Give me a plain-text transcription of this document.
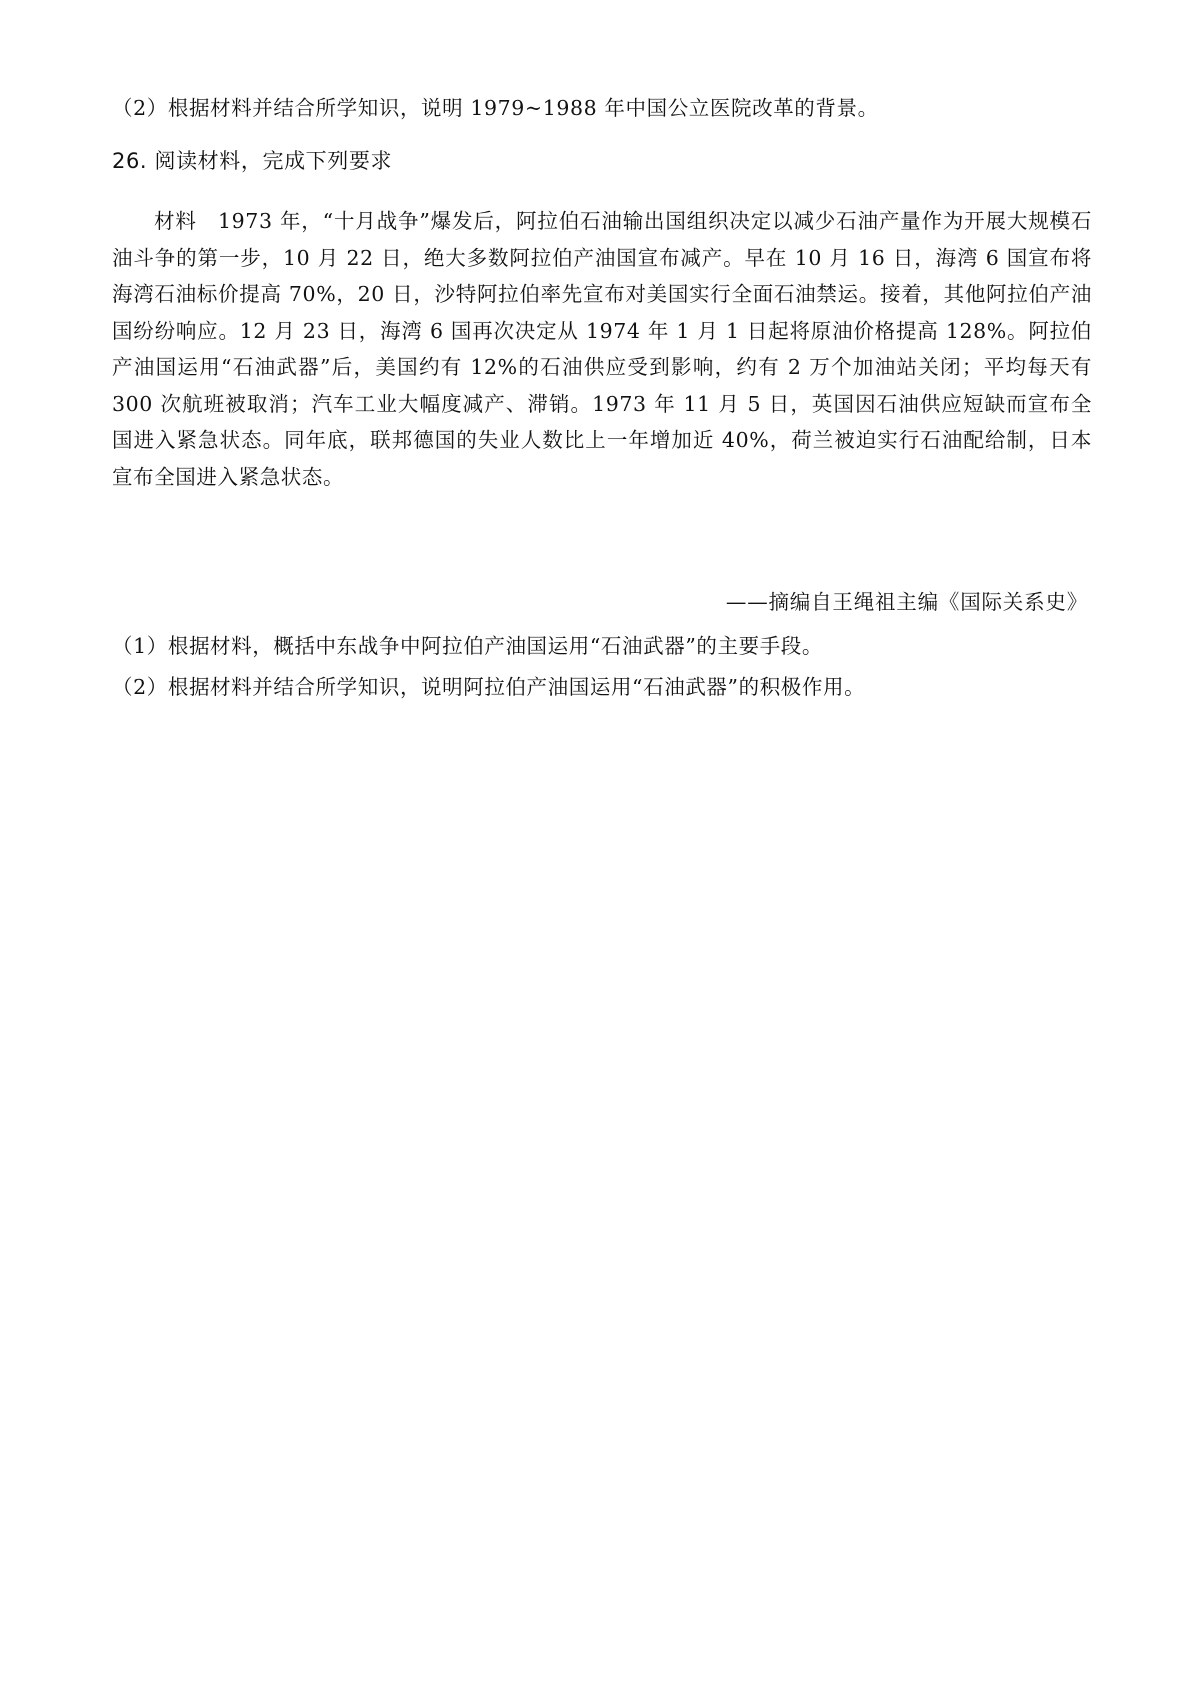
（2）根据材料并结合所学知识，说明 1979~1988 年中国公立医院改革的背景。
26. 阅读材料，完成下列要求
材料　1973 年，“十月战争”爆发后，阿拉伯石油输出国组织决定以减少石油产量作为开展大规模石油斗争的第一步，10 月 22 日，绝大多数阿拉伯产油国宣布减产。早在 10 月 16 日，海湾 6 国宣布将海湾石油标价提高 70%，20 日，沙特阿拉伯率先宣布对美国实行全面石油禁运。接着，其他阿拉伯产油国纷纷响应。12 月 23 日，海湾 6 国再次决定从 1974 年 1 月 1 日起将原油价格提高 128%。阿拉伯产油国运用“石油武器”后，美国约有 12%的石油供应受到影响，约有 2 万个加油站关闭；平均每天有 300 次航班被取消；汽车工业大幅度减产、滞销。1973 年 11 月 5 日，英国因石油供应短缺而宣布全国进入紧急状态。同年底，联邦德国的失业人数比上一年增加近 40%，荷兰被迫实行石油配给制，日本宣布全国进入紧急状态。
——摘编自王绳祖主编《国际关系史》
（1）根据材料，概括中东战争中阿拉伯产油国运用“石油武器”的主要手段。
（2）根据材料并结合所学知识，说明阿拉伯产油国运用“石油武器”的积极作用。
